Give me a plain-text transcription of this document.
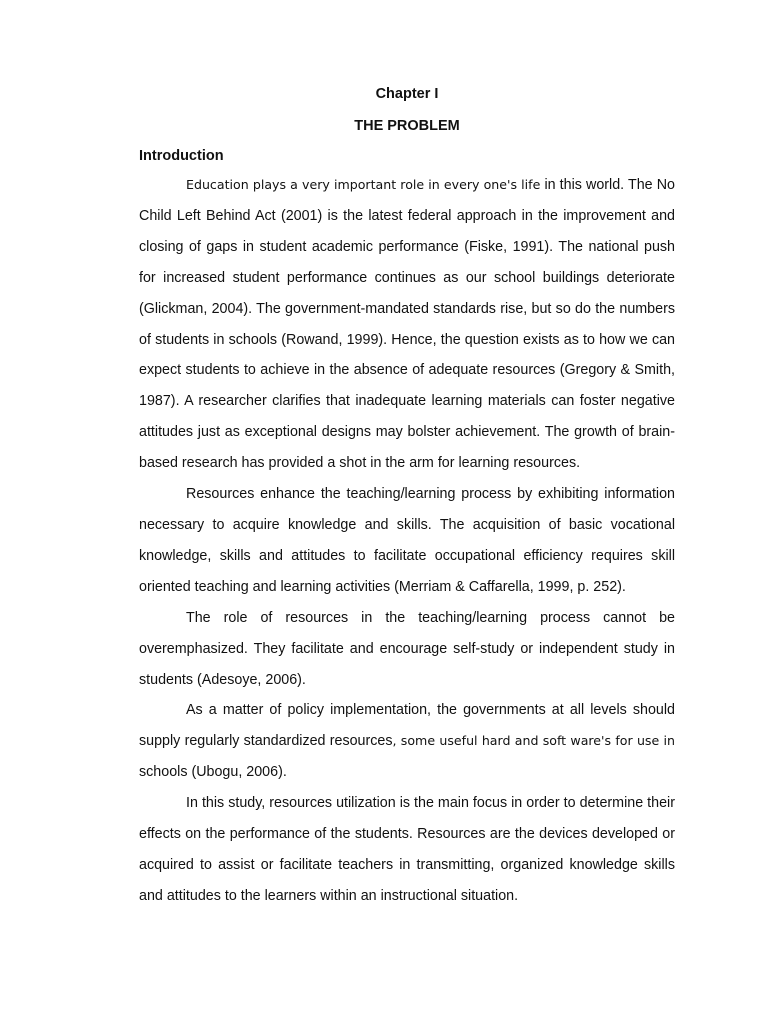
Chapter I
THE PROBLEM
Introduction

Education plays a very important role in every one's life in this world. The No Child Left Behind Act (2001) is the latest federal approach in the improvement and closing of gaps in student academic performance (Fiske, 1991). The national push for increased student performance continues as our school buildings deteriorate (Glickman, 2004). The government-mandated standards rise, but so do the numbers of students in schools (Rowand, 1999). Hence, the question exists as to how we can expect students to achieve in the absence of adequate resources (Gregory & Smith, 1987). A researcher clarifies that inadequate learning materials can foster negative attitudes just as exceptional designs may bolster achievement. The growth of brain-based research has provided a shot in the arm for learning resources.

Resources enhance the teaching/learning process by exhibiting information necessary to acquire knowledge and skills. The acquisition of basic vocational knowledge, skills and attitudes to facilitate occupational efficiency requires skill oriented teaching and learning activities (Merriam & Caffarella, 1999, p. 252).

The role of resources in the teaching/learning process cannot be overemphasized. They facilitate and encourage self-study or independent study in students (Adesoye, 2006).

As a matter of policy implementation, the governments at all levels should supply regularly standardized resources, some useful hard and soft ware's for use in schools (Ubogu, 2006).

In this study, resources utilization is the main focus in order to determine their effects on the performance of the students. Resources are the devices developed or acquired to assist or facilitate teachers in transmitting, organized knowledge skills and attitudes to the learners within an instructional situation.
